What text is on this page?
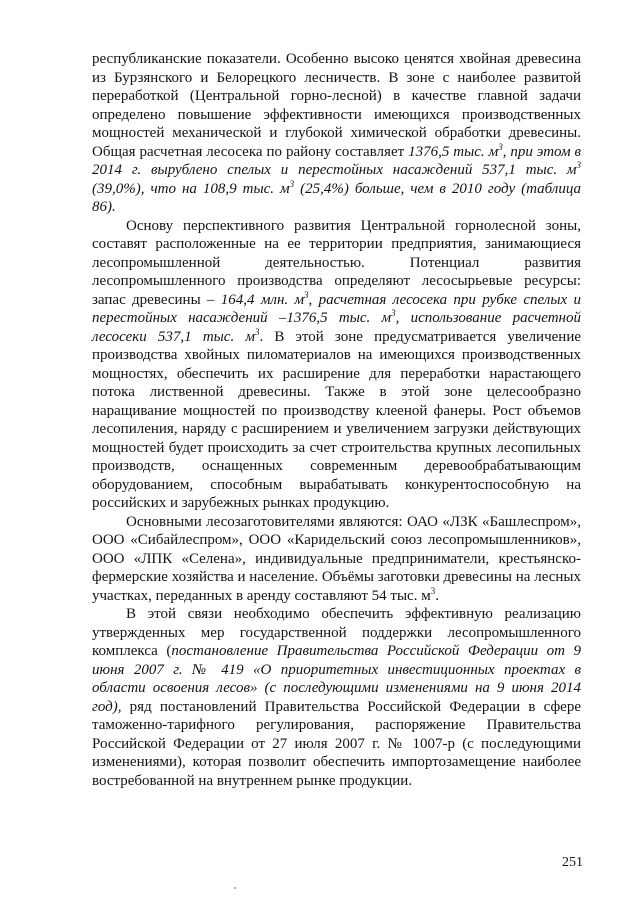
республиканские показатели. Особенно высоко ценятся хвойная древесина из Бурзянского и Белорецкого лесничеств. В зоне с наиболее развитой переработкой (Центральной горно-лесной) в качестве главной задачи определено повышение эффективности имеющихся производственных мощностей механической и глубокой химической обработки древесины. Общая расчетная лесосека по району составляет 1376,5 тыс. $м^3$, при этом в 2014 г. вырублено спелых и перестойных насаждений 537,1 тыс. $м^3$ (39,0%), что на 108,9 тыс. $м^3$ (25,4%) больше, чем в 2010 году (таблица 86).

Основу перспективного развития Центральной горнолесной зоны, составят расположенные на ее территории предприятия, занимающиеся лесопромышленной деятельностью. Потенциал развития лесопромышленного производства определяют лесосырьевые ресурсы: запас древесины – 164,4 млн. $м^3$, расчетная лесосека при рубке спелых и перестойных насаждений –1376,5 тыс. $м^3$, использование расчетной лесосеки 537,1 тыс. $м^3$. В этой зоне предусматривается увеличение производства хвойных пиломатериалов на имеющихся производственных мощностях, обеспечить их расширение для переработки нарастающего потока лиственной древесины. Также в этой зоне целесообразно наращивание мощностей по производству клееной фанеры. Рост объемов лесопиления, наряду с расширением и увеличением загрузки действующих мощностей будет происходить за счет строительства крупных лесопильных производств, оснащенных современным деревообрабатывающим оборудованием, способным вырабатывать конкурентоспособную на российских и зарубежных рынках продукцию.

Основными лесозаготовителями являются: ОАО «ЛЗК «Башлеспром», ООО «Сибайлеспром», ООО «Каридельский союз лесопромышленников», ООО «ЛПК «Селена», индивидуальные предприниматели, крестьянско-фермерские хозяйства и население. Объёмы заготовки древесины на лесных участках, переданных в аренду составляют 54 тыс. $м^3$.

В этой связи необходимо обеспечить эффективную реализацию утвержденных мер государственной поддержки лесопромышленного комплекса (постановление Правительства Российской Федерации от 9 июня 2007 г. № 419 «О приоритетных инвестиционных проектах в области освоения лесов» (с последующими изменениями на 9 июня 2014 год), ряд постановлений Правительства Российской Федерации в сфере таможенно-тарифного регулирования, распоряжение Правительства Российской Федерации от 27 июля 2007 г. № 1007-р (с последующими изменениями), которая позволит обеспечить импортозамещение наиболее востребованной на внутреннем рынке продукции.

251
